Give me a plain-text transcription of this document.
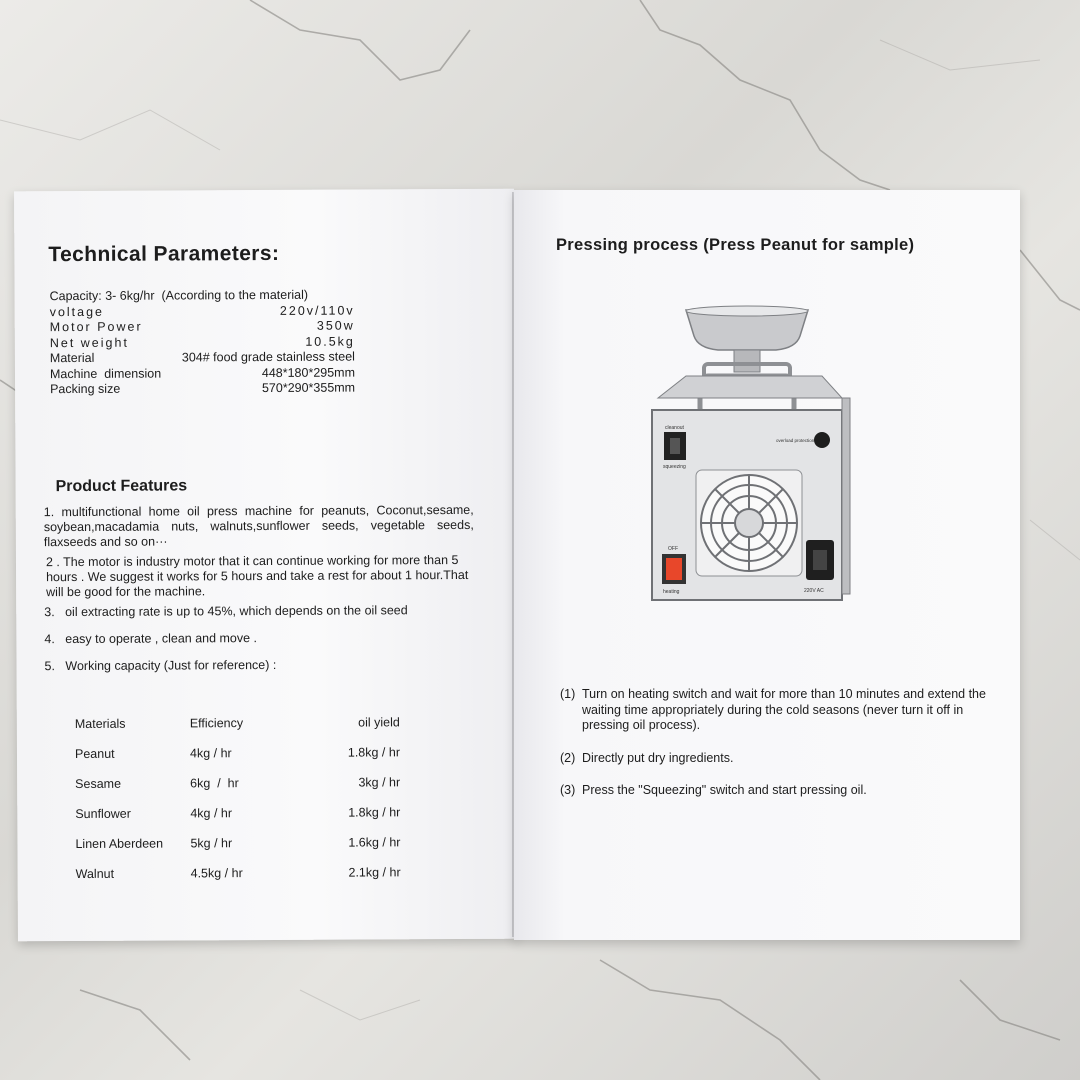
Technical Parameters:
Capacity: 3- 6kg/hr  (According to the material)
voltage	220v/110v
Motor Power	350w
Net weight	10.5kg
Material	304# food grade stainless steel
Machine  dimension	448*180*295mm
Packing size	570*290*355mm
Product Features

1. multifunctional home oil press machine for peanuts, Coconut,sesame, soybean,macadamia nuts, walnuts,sunflower seeds, vegetable seeds, flaxseeds and so on···

2 . The motor is industry motor that it can continue working for more than 5 hours . We suggest it works for 5 hours and take a rest for about 1 hour.That will be good for the machine.

3.   oil extracting rate is up to 45%, which depends on the oil seed

4.   easy to operate , clean and move .

5.   Working capacity (Just for reference) :

Materials	Efficiency	oil yield
Peanut	4kg / hr	1.8kg / hr
Sesame	6kg  /  hr	3kg / hr
Sunflower	4kg / hr	1.8kg / hr
Linen Aberdeen	5kg / hr	1.6kg / hr
Walnut	4.5kg / hr	2.1kg / hr
Pressing process (Press Peanut for sample)
cleanout
squeezing
overload protection
OFF
heating	220V AC
(1) Turn on heating switch and wait for more than 10 minutes and extend the waiting time appropriately during the cold seasons (never turn it off in pressing oil process).
(2) Directly put dry ingredients.
(3) Press the "Squeezing" switch and start pressing oil.
